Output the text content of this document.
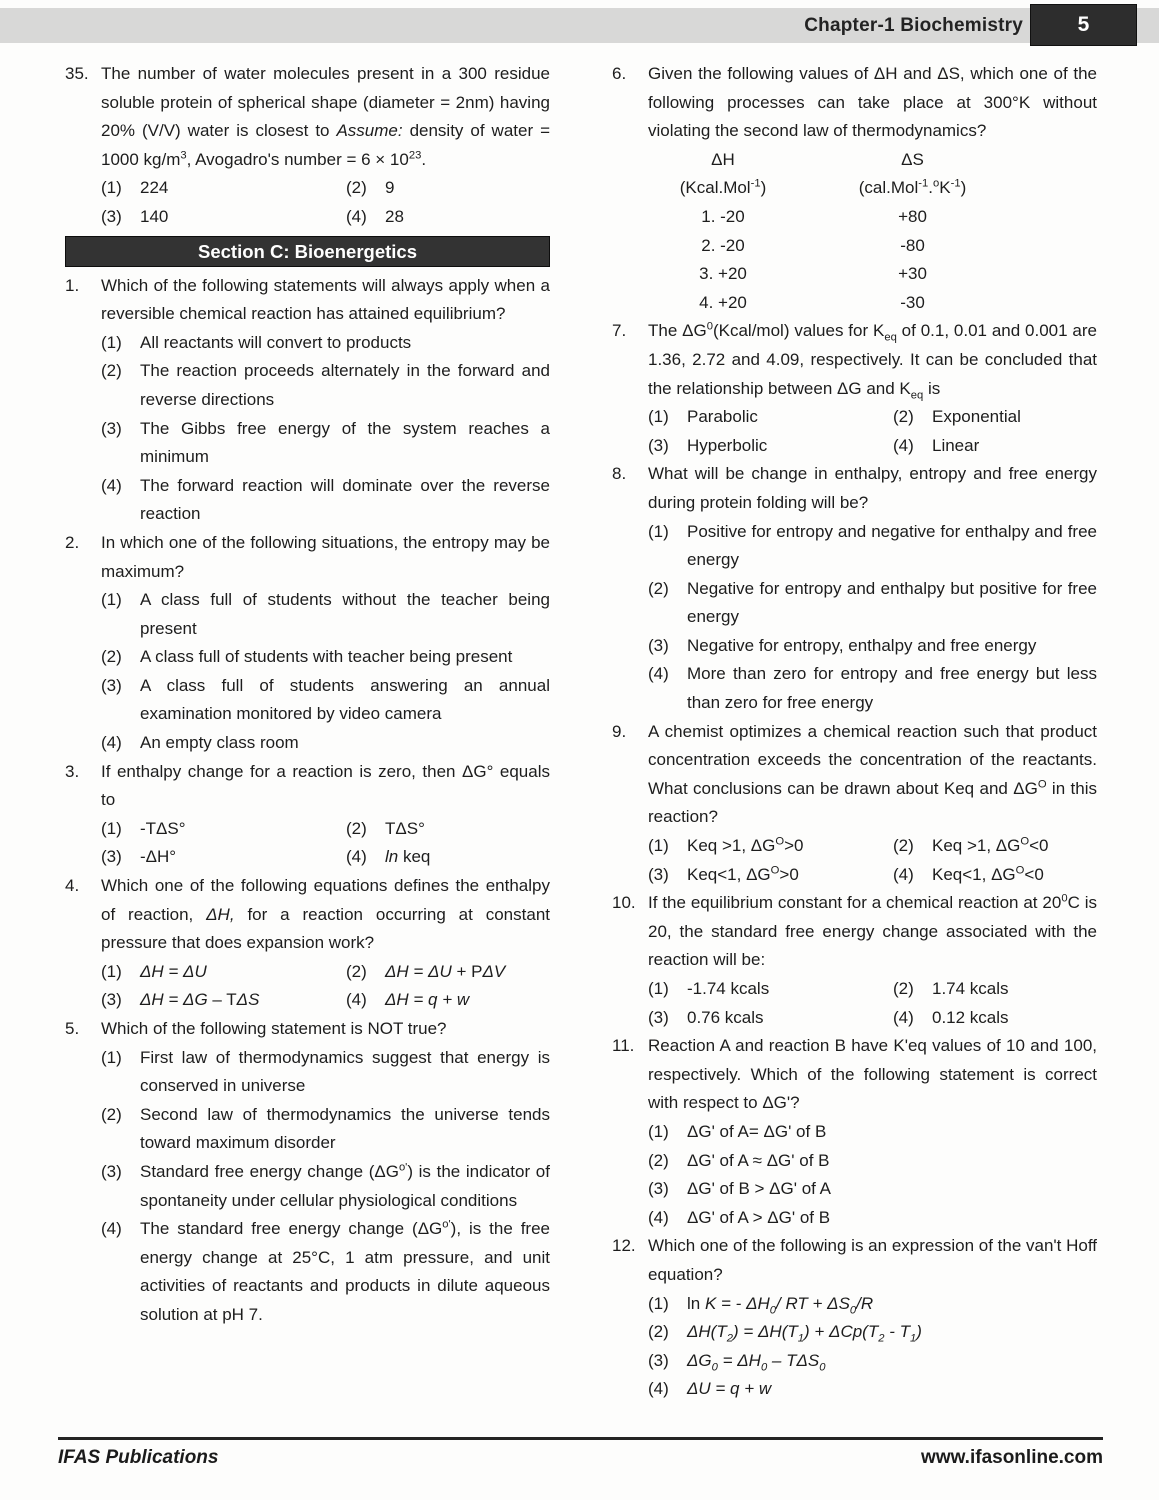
Chapter-1 Biochemistry	5
35. The number of water molecules present in a 300 residue soluble protein of spherical shape (diameter = 2nm) having 20% (V/V) water is closest to Assume: density of water = 1000 $kg/m^3$, Avogadro's number = $6 \times 10^{23}$.
(1)	224	(2)	9
(3)	140	(4)	28
Section C: Bioenergetics
1.	Which of the following statements will always apply when a reversible chemical reaction has attained equilibrium?
(1)	All reactants will convert to products
(2)	The reaction proceeds alternately in the forward and reverse directions
(3)	The Gibbs free energy of the system reaches a minimum
(4)	The forward reaction will dominate over the reverse reaction
2.	In which one of the following situations, the entropy may be maximum?
(1)	A class full of students without the teacher being present
(2)	A class full of students with teacher being present
(3)	A class full of students answering an annual examination monitored by video camera
(4)	An empty class room
3.	If enthalpy change for a reaction is zero, then ΔG° equals to
(1)	-TΔS°	(2)	TΔS°
(3)	-ΔH°	(4)	ln keq
4.	Which one of the following equations defines the enthalpy of reaction, ΔH, for a reaction occurring at constant pressure that does expansion work?
(1)	ΔH = ΔU	(2)	ΔH = ΔU + PΔV
(3)	ΔH = ΔG – TΔS	(4)	ΔH = q + w
5.	Which of the following statement is NOT true?
(1)	First law of thermodynamics suggest that energy is conserved in universe
(2)	Second law of thermodynamics the universe tends toward maximum disorder
(3)	Standard free energy change $(\Delta G^{o'})$ is the indicator of spontaneity under cellular physiological conditions
(4)	The standard free energy change $(\Delta G^{o'})$, is the free energy change at 25°C, 1 atm pressure, and unit activities of reactants and products in dilute aqueous solution at pH 7.
6.	Given the following values of ΔH and ΔS, which one of the following processes can take place at 300°K without violating the second law of thermodynamics?
ΔH	ΔS
(Kcal.Mol$^{-1}$)	$(cal.Mol^{-1}.^oK^{-1})$
1. -20	+80
2. -20	-80
3. +20	+30
4. +20	-30
7.	The $\Delta G^0(Kcal/mol)$ values for $K_{eq}$ of 0.1, 0.01 and 0.001 are 1.36, 2.72 and 4.09, respectively. It can be concluded that the relationship between ΔG and $K_{eq}$ is
(1)	Parabolic	(2)	Exponential
(3)	Hyperbolic	(4)	Linear
8.	What will be change in enthalpy, entropy and free energy during protein folding will be?
(1)	Positive for entropy and negative for enthalpy and free energy
(2)	Negative for entropy and enthalpy but positive for free energy
(3)	Negative for entropy, enthalpy and free energy
(4)	More than zero for entropy and free energy but less than zero for free energy
9.	A chemist optimizes a chemical reaction such that product concentration exceeds the concentration of the reactants. What conclusions can be drawn about Keq and $\Delta G^O$ in this reaction?
(1)	Keq >1, $\Delta G^O>0$	(2)	Keq >1, $\Delta G^O<0$
(3)	Keq<1, $\Delta G^O>0$	(4)	Keq<1, $\Delta G^O<0$
10. If the equilibrium constant for a chemical reaction at $20^0C$ is 20, the standard free energy change associated with the reaction will be:
(1)	-1.74 kcals	(2)	1.74 kcals
(3)	0.76 kcals	(4)	0.12 kcals
11. Reaction A and reaction B have K'eq values of 10 and 100, respectively. Which of the following statement is correct with respect to ΔG'?
(1)	ΔG' of A= ΔG' of B
(2)	ΔG' of A ≈ ΔG' of B
(3)	ΔG' of B > ΔG' of A
(4)	ΔG' of A > ΔG' of B
12. Which one of the following is an expression of the van't Hoff equation?
(1)	ln K = - $\Delta H_0/$ RT + $\Delta S_0/R$
(2)	$\Delta H(T_2) = \Delta H(T_1) + \Delta Cp(T_2 - T_1)$
(3)	$\Delta G_0 = \Delta H_0 - T\Delta S_0$
(4)	ΔU = q + w
IFAS Publications	www.ifasonline.com
